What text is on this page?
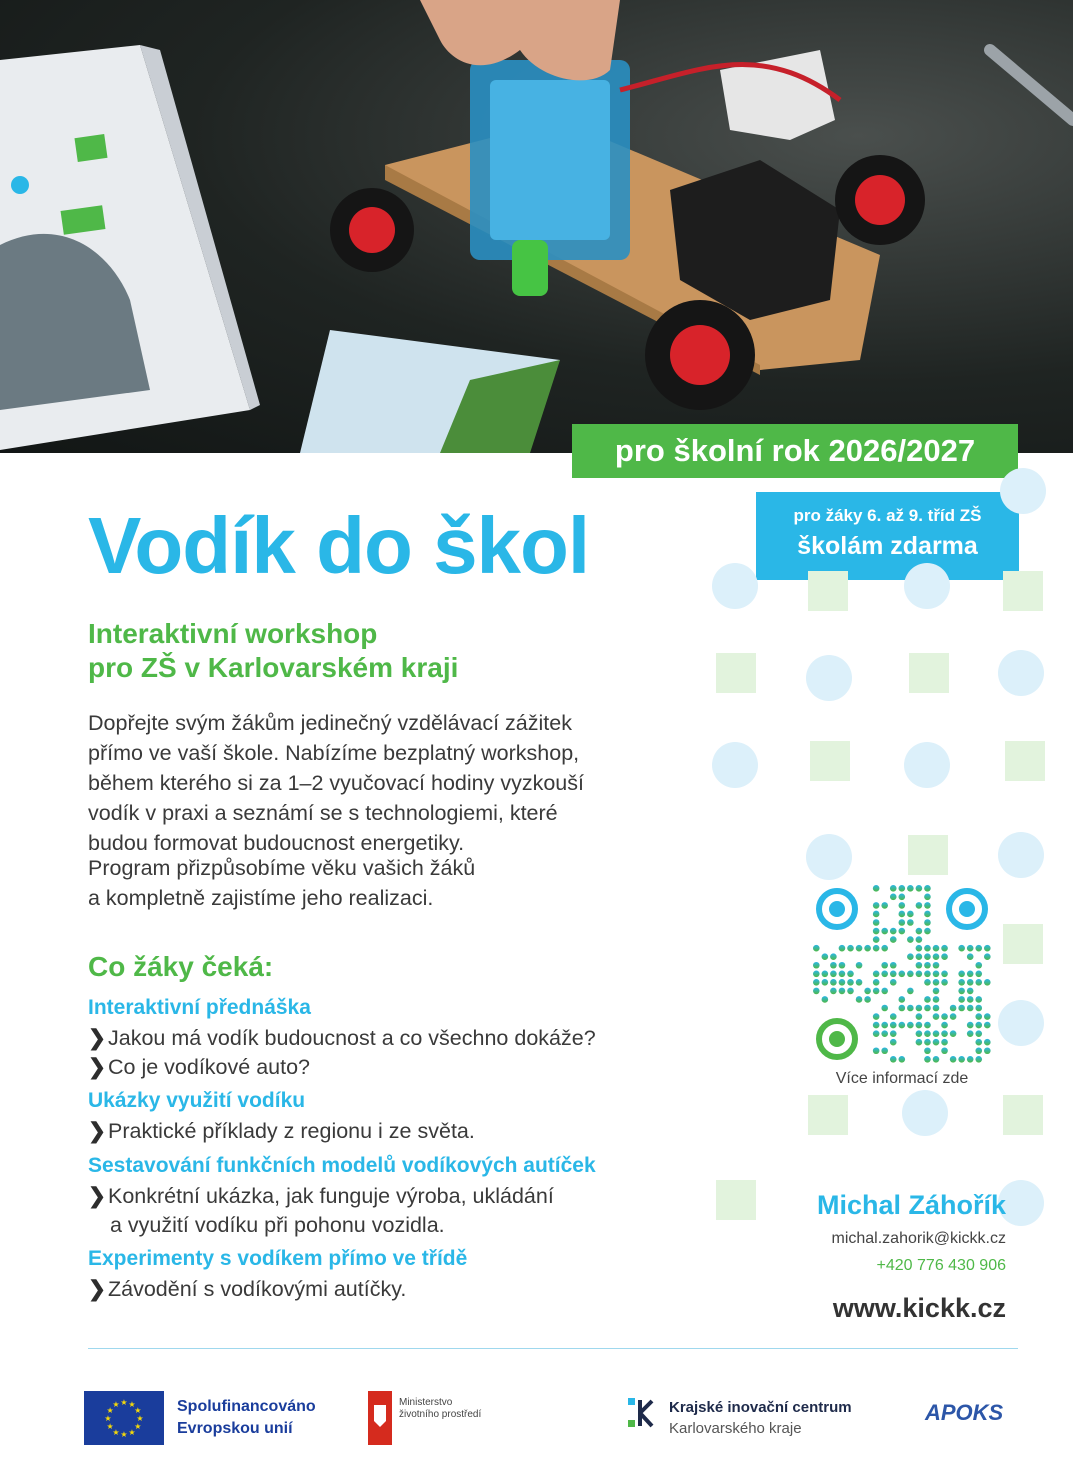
pro školní rok 2026/2027
pro žáky 6. až 9. tříd ZŠ
školám zdarma
Vodík do škol
Interaktivní workshop
pro ZŠ v Karlovarském kraji
Dopřejte svým žákům jedinečný vzdělávací zážitek
přímo ve vaší škole. Nabízíme bezplatný workshop,
během kterého si za 1–2 vyučovací hodiny vyzkouší
vodík v praxi a seznámí se s technologiemi, které
budou formovat budoucnost energetiky.
Program přizpůsobíme věku vašich žáků
a kompletně zajistíme jeho realizaci.
Co žáky čeká:
Interaktivní přednáška
❯Jakou má vodík budoucnost a co všechno dokáže?
❯Co je vodíkové auto?
Ukázky využití vodíku
❯Praktické příklady z regionu i ze světa.
Sestavování funkčních modelů vodíkových autíček
❯Konkrétní ukázka, jak funguje výroba, ukládání
a využití vodíku při pohonu vozidla.
Experimenty s vodíkem přímo ve třídě
❯Závodění s vodíkovými autíčky.
Více informací zde
Michal Záhořík
michal.zahorik@kickk.cz
+420 776 430 906
www.kickk.cz
★
★
★
★
★
★
★
★
★ ★ ★
★ Spolufinancováno
Evropskou unií
Ministerstvo
životního prostředí	Krajské inovační centrum
Karlovarského kraje
APOKS
